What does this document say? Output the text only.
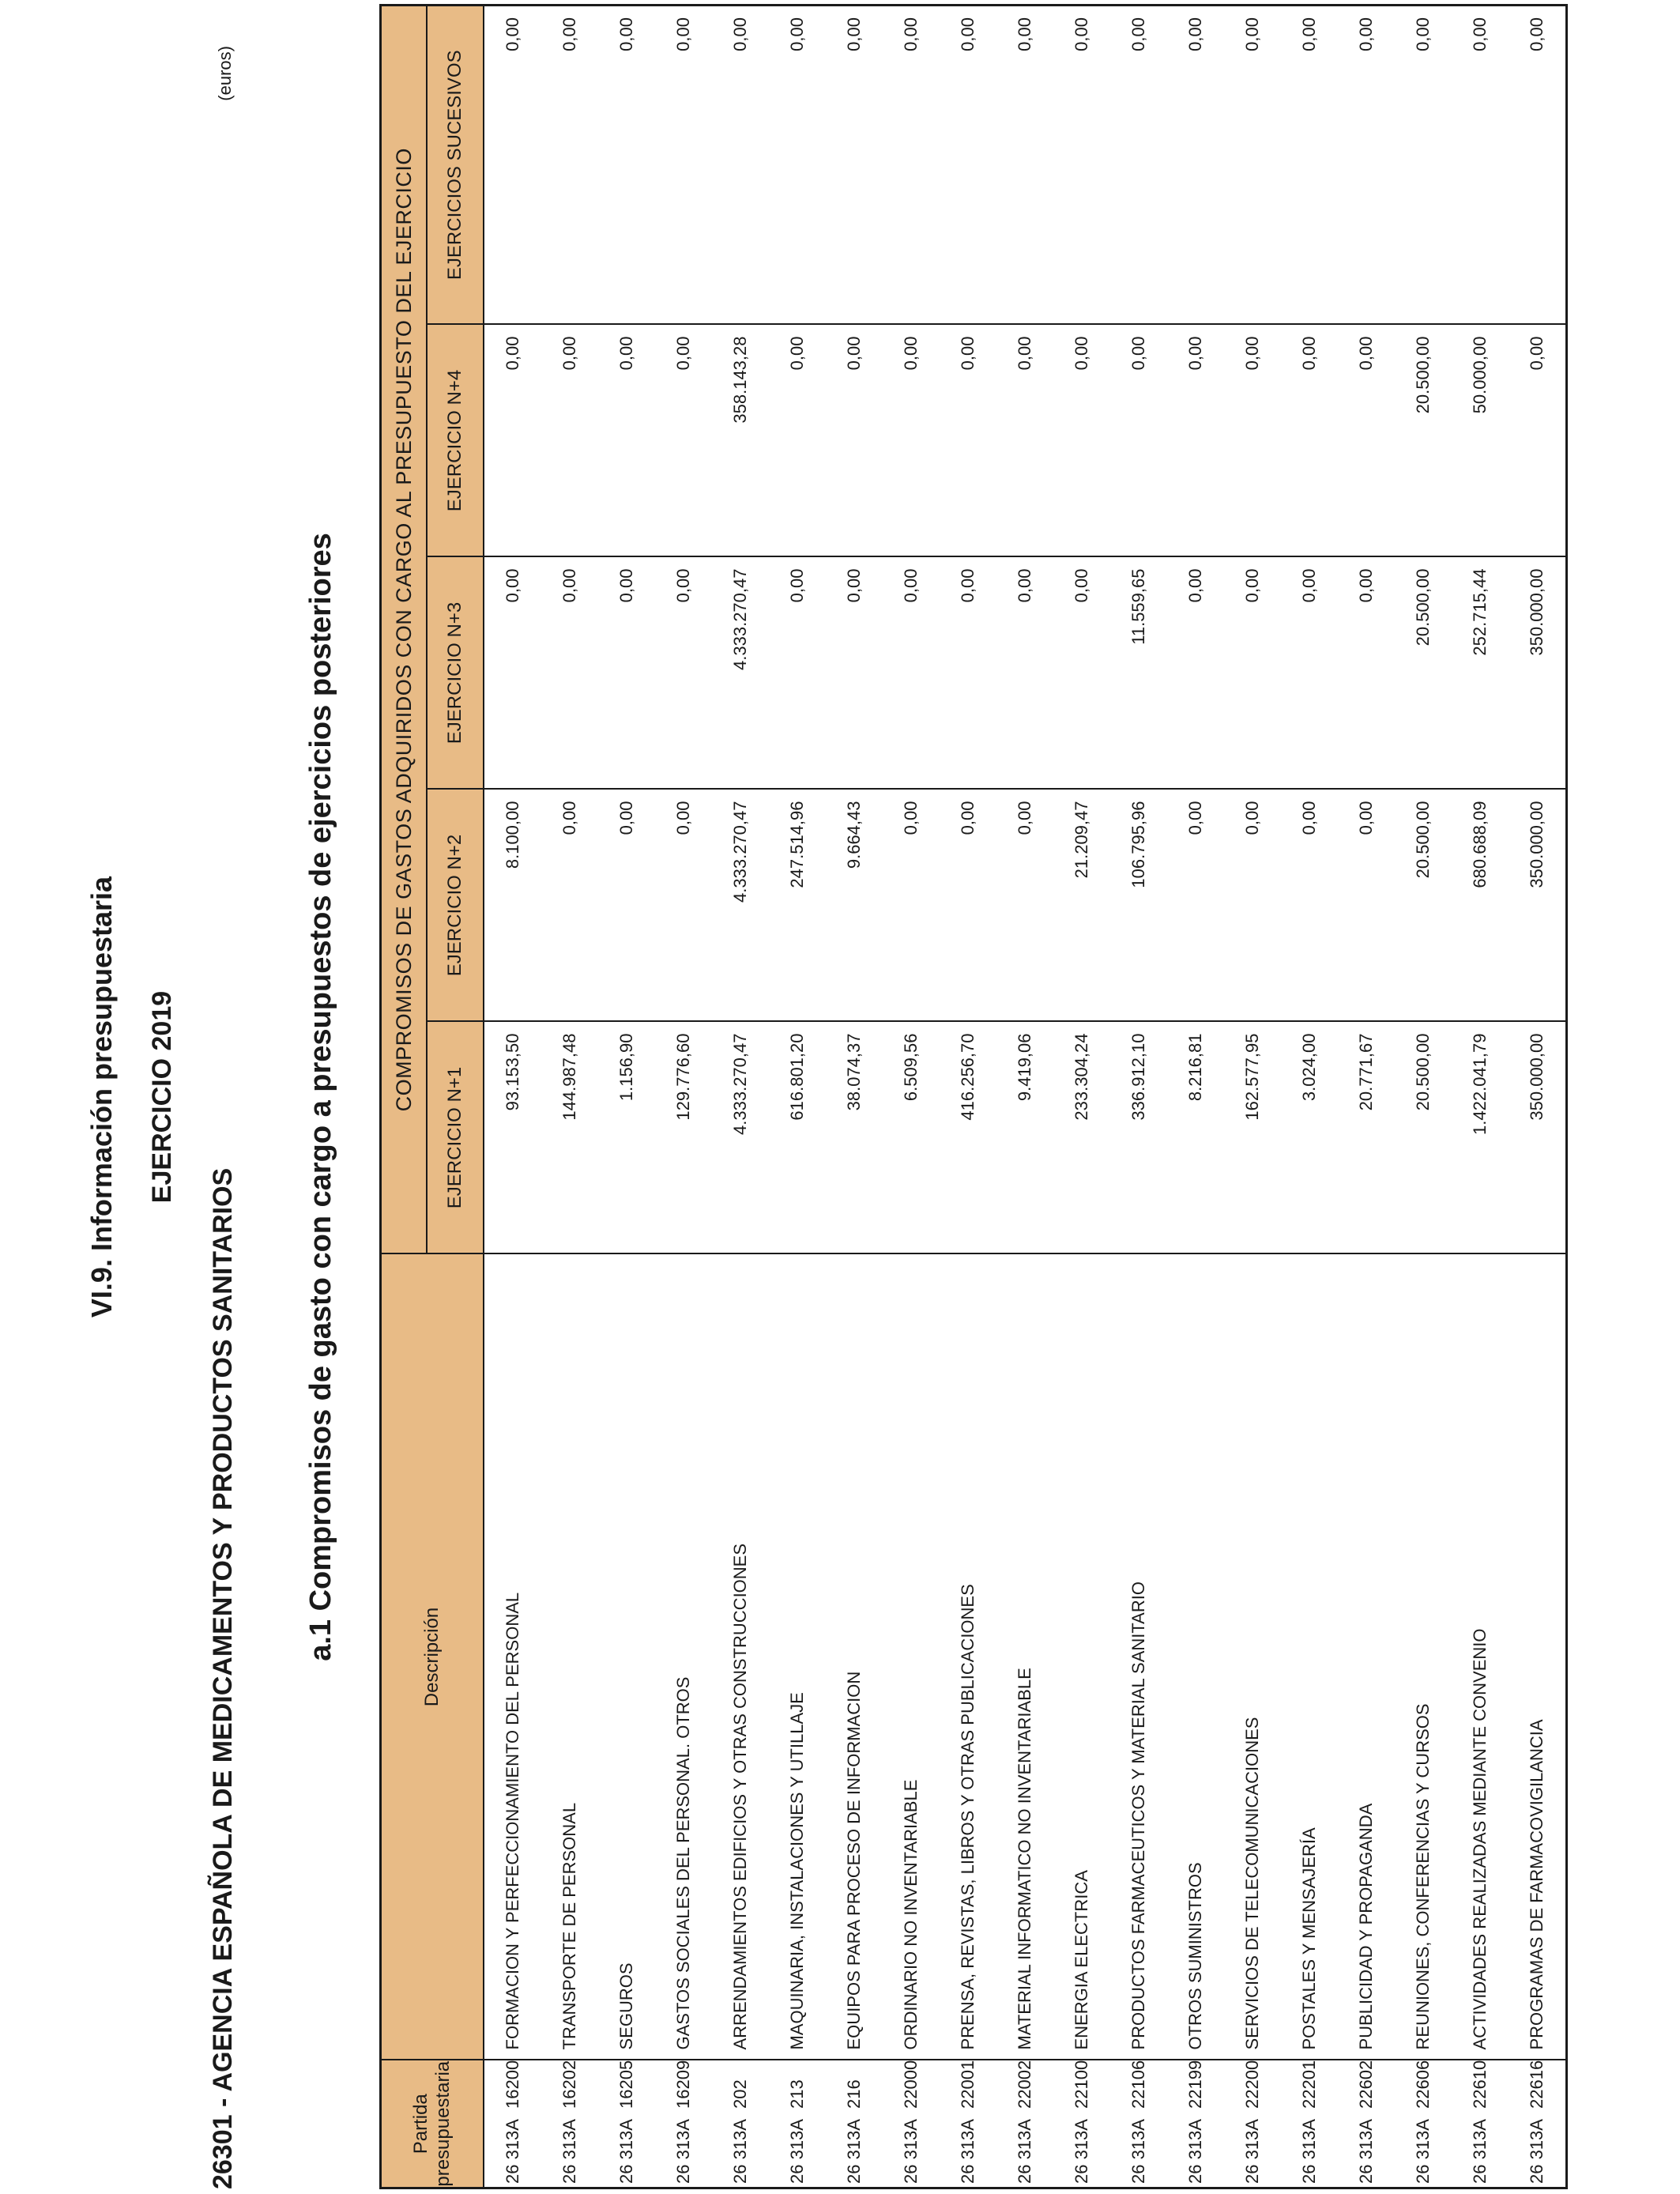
VI.9. Información presupuestaria EJERCICIO 2019
26301 - AGENCIA ESPAÑOLA DE MEDICAMENTOS Y PRODUCTOS SANITARIOS
(euros)
a.1 Compromisos de gasto con cargo a presupuestos de ejercicios posteriores
Partida presupuestaria	Descripción	COMPROMISOS DE GASTOS ADQUIRIDOS CON CARGO AL PRESUPUESTO DEL EJERCICIO				
		EJERCICIO N+1	EJERCICIO N+2	EJERCICIO N+3	EJERCICIO N+4	EJERCICIOS SUCESIVOS
26 313A16200	FORMACION Y PERFECCIONAMIENTO DEL PERSONAL	93.153,50	8.100,00	0,00	0,00	0,00
26 313A16202	TRANSPORTE DE PERSONAL	144.987,48	0,00	0,00	0,00	0,00
26 313A16205	SEGUROS	1.156,90	0,00	0,00	0,00	0,00
26 313A16209	GASTOS SOCIALES DEL PERSONAL. OTROS	129.776,60	0,00	0,00	0,00	0,00
26 313A202	ARRENDAMIENTOS EDIFICIOS Y OTRAS CONSTRUCCIONES	4.333.270,47	4.333.270,47	4.333.270,47	358.143,28	0,00
26 313A213	MAQUINARIA, INSTALACIONES Y UTILLAJE	616.801,20	247.514,96	0,00	0,00	0,00
26 313A216	EQUIPOS PARA PROCESO DE INFORMACION	38.074,37	9.664,43	0,00	0,00	0,00
26 313A22000	ORDINARIO NO INVENTARIABLE	6.509,56	0,00	0,00	0,00	0,00
26 313A22001	PRENSA, REVISTAS, LIBROS Y OTRAS PUBLICACIONES	416.256,70	0,00	0,00	0,00	0,00
26 313A22002	MATERIAL INFORMATICO NO INVENTARIABLE	9.419,06	0,00	0,00	0,00	0,00
26 313A22100	ENERGIA ELECTRICA	233.304,24	21.209,47	0,00	0,00	0,00
26 313A22106	PRODUCTOS FARMACEUTICOS Y MATERIAL SANITARIO	336.912,10	106.795,96	11.559,65	0,00	0,00
26 313A22199	OTROS SUMINISTROS	8.216,81	0,00	0,00	0,00	0,00
26 313A22200	SERVICIOS DE TELECOMUNICACIONES	162.577,95	0,00	0,00	0,00	0,00
26 313A22201	POSTALES Y MENSAJERÍA	3.024,00	0,00	0,00	0,00	0,00
26 313A22602	PUBLICIDAD Y PROPAGANDA	20.771,67	0,00	0,00	0,00	0,00
26 313A22606	REUNIONES, CONFERENCIAS Y CURSOS	20.500,00	20.500,00	20.500,00	20.500,00	0,00
26 313A22610	ACTIVIDADES REALIZADAS MEDIANTE CONVENIO	1.422.041,79	680.688,09	252.715,44	50.000,00	0,00
26 313A22616	PROGRAMAS DE FARMACOVIGILANCIA	350.000,00	350.000,00	350.000,00	0,00	0,00
